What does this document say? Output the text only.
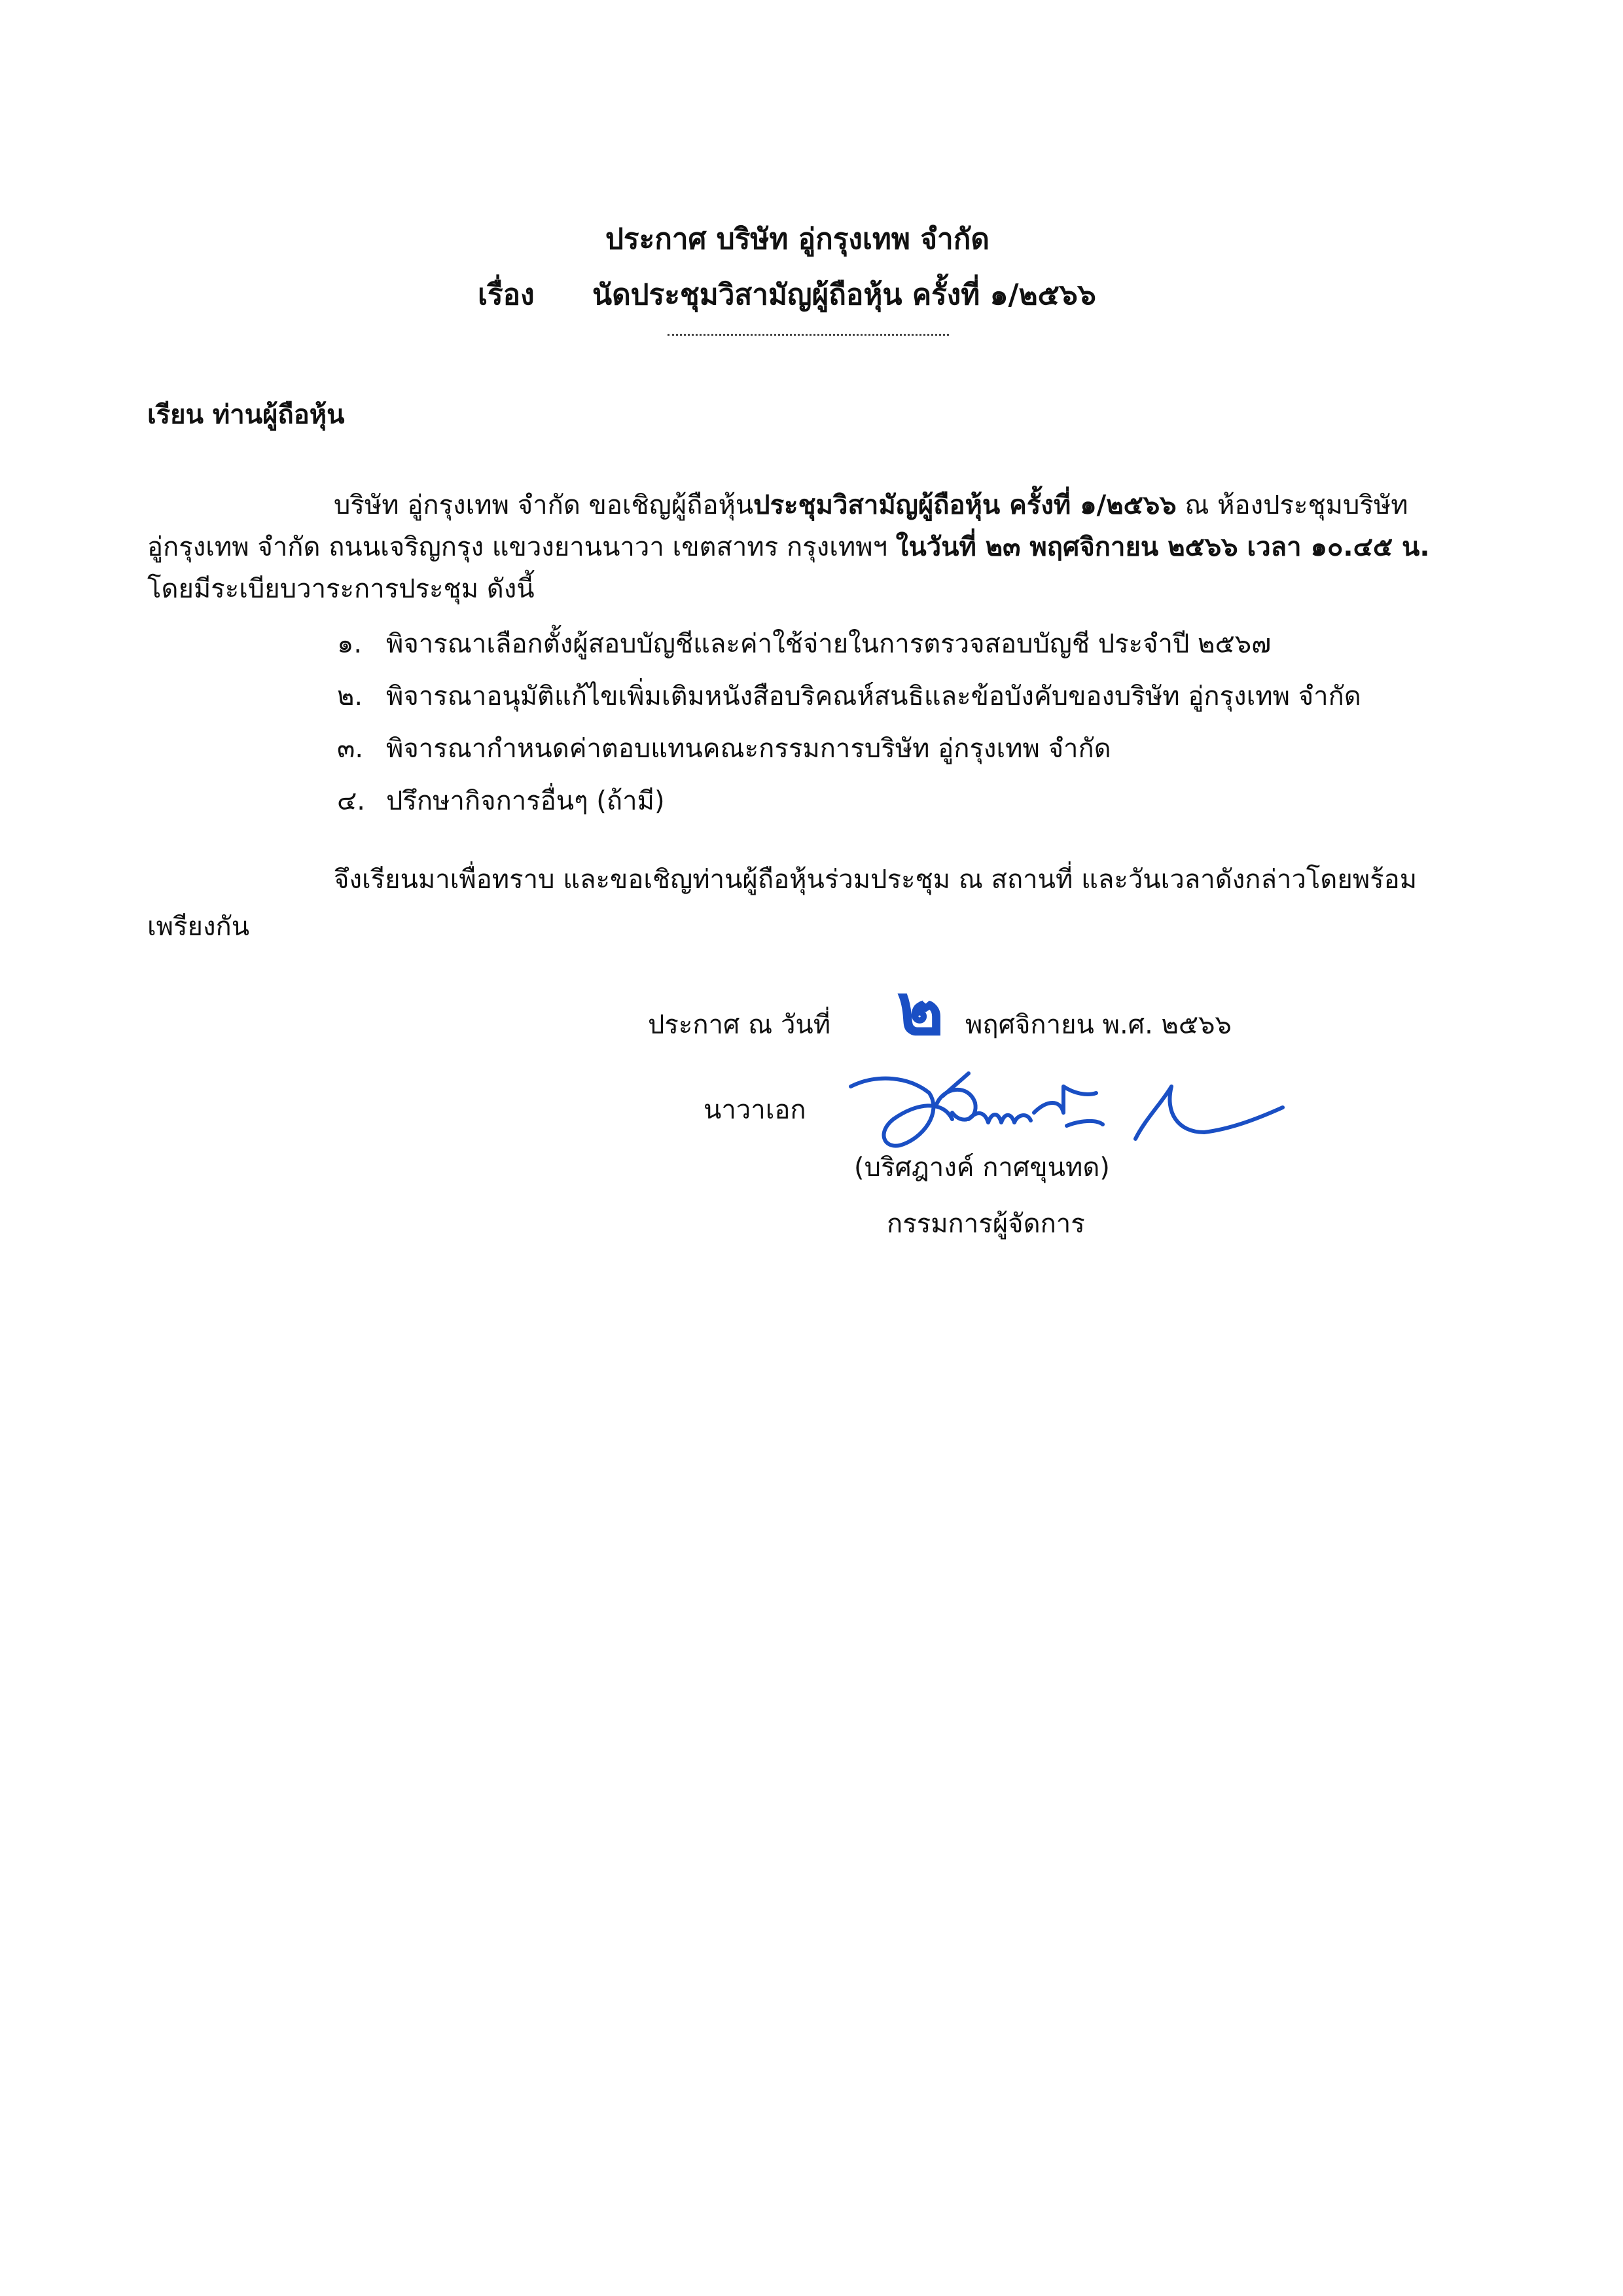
ประกาศ บริษัท อู่กรุงเทพ จำกัด
เรื่อง นัดประชุมวิสามัญผู้ถือหุ้น ครั้งที่ ๑/๒๕๖๖
เรียน ท่านผู้ถือหุ้น
บริษัท อู่กรุงเทพ จำกัด ขอเชิญผู้ถือหุ้นประชุมวิสามัญผู้ถือหุ้น ครั้งที่ ๑/๒๕๖๖ ณ ห้องประชุมบริษัท
อู่กรุงเทพ จำกัด ถนนเจริญกรุง แขวงยานนาวา เขตสาทร กรุงเทพฯ ในวันที่ ๒๓ พฤศจิกายน ๒๕๖๖ เวลา ๑๐.๔๕ น.
โดยมีระเบียบวาระการประชุม ดังนี้
๑. พิจารณาเลือกตั้งผู้สอบบัญชีและค่าใช้จ่ายในการตรวจสอบบัญชี ประจำปี ๒๕๖๗
๒. พิจารณาอนุมัติแก้ไขเพิ่มเติมหนังสือบริคณห์สนธิและข้อบังคับของบริษัท อู่กรุงเทพ จำกัด
๓. พิจารณากำหนดค่าตอบแทนคณะกรรมการบริษัท อู่กรุงเทพ จำกัด
๔. ปรึกษากิจการอื่นๆ (ถ้ามี)
จึงเรียนมาเพื่อทราบ และขอเชิญท่านผู้ถือหุ้นร่วมประชุม ณ สถานที่ และวันเวลาดังกล่าวโดยพร้อม
เพรียงกัน
ประกาศ ณ วันที่ ๒ พฤศจิกายน พ.ศ. ๒๕๖๖
นาวาเอก
(บริศฎางค์ กาศขุนทด)
กรรมการผู้จัดการ
